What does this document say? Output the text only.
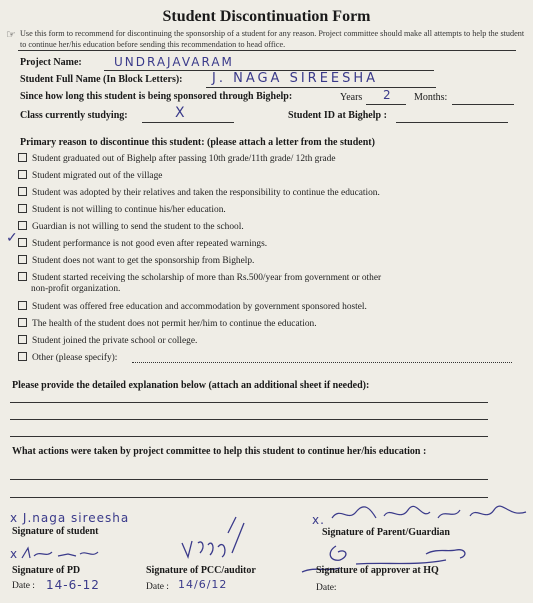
Student Discontinuation Form
☞ Use this form to recommend for discontinuing the sponsorship of a student for any reason. Project committee should make all attempts to help the student to continue her/his education before sending this recommendation to head office.
Project Name:	UNDRAJAVARAM
Student Full Name (In Block Letters): J. NAGA SIREESHA
Since how long this student is being sponsored through Bighelp:	Years 2 Months:
Class currently studying:	X	Student ID at Bighelp :
Primary reason to discontinue this student: (please attach a letter from the student)
Student graduated out of Bighelp after passing 10th grade/11th grade/ 12th grade
Student migrated out of the village
Student was adopted by their relatives and taken the responsibility to continue the education.
Student is not willing to continue his/her education.
Guardian is not willing to send the student to the school.
Student performance is not good even after repeated warnings.
✓
Student does not want to get the sponsorship from Bighelp.
Student started receiving the scholarship of more than Rs.500/year from government or other
non-profit organization.
Student was offered free education and accommodation by government sponsored hostel.
The health of the student does not permit her/him to continue the education.
Student joined the private school or college.
Other (please specify):
Please provide the detailed explanation below (attach an additional sheet if needed):
What actions were taken by project committee to help this student to continue her/his education :
x J.naga sireesha
Signature of student
x.
Signature of Parent/Guardian
x
Signature of PD
Date : 14-6-12
Signature of PCC/auditor
Date : 14/6/12
Signature of approver at HQ
Date:
